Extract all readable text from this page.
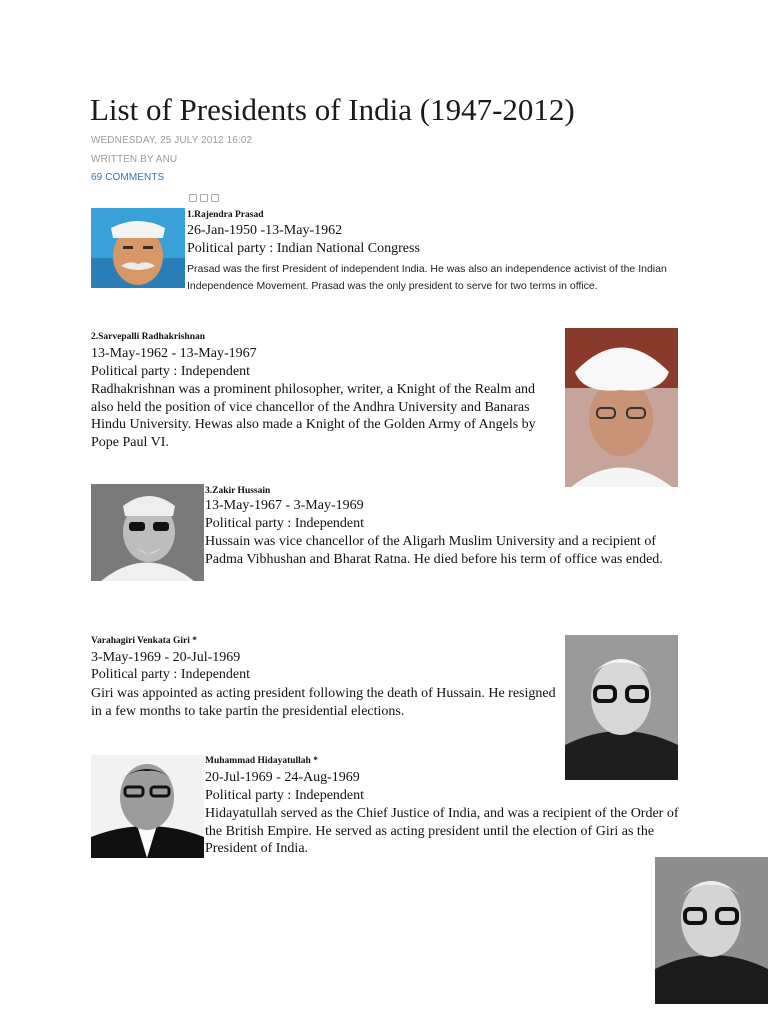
List of Presidents of India (1947-2012)
WEDNESDAY, 25 JULY 2012 16:02
WRITTEN BY ANU
69 COMMENTS
1.Rajendra Prasad
26-Jan-1950 -13-May-1962
Political party : Indian National Congress
Prasad was the first President of independent India. He was also an independence activist of the Indian Independence Movement. Prasad was the only president to serve for two terms in office.
2.Sarvepalli Radhakrishnan
13-May-1962 - 13-May-1967
Political party : Independent
Radhakrishnan was a prominent philosopher, writer, a Knight of the Realm and also held the position of vice chancellor of the Andhra University and Banaras Hindu University. Hewas also made a Knight of the Golden Army of Angels by Pope Paul VI.
3.Zakir Hussain
13-May-1967 - 3-May-1969
Political party : Independent
Hussain was vice chancellor of the Aligarh Muslim University and a recipient of Padma Vibhushan and Bharat Ratna. He died before his term of office was ended.
Varahagiri Venkata Giri *
3-May-1969 - 20-Jul-1969
Political party : Independent
Giri was appointed as acting president following the death of Hussain. He resigned in a few months to take partin the presidential elections.
Muhammad Hidayatullah *
20-Jul-1969 - 24-Aug-1969
Political party : Independent
Hidayatullah served as the Chief Justice of India, and was a recipient of the Order of the British Empire. He served as acting president until the election of Giri as the President of India.
